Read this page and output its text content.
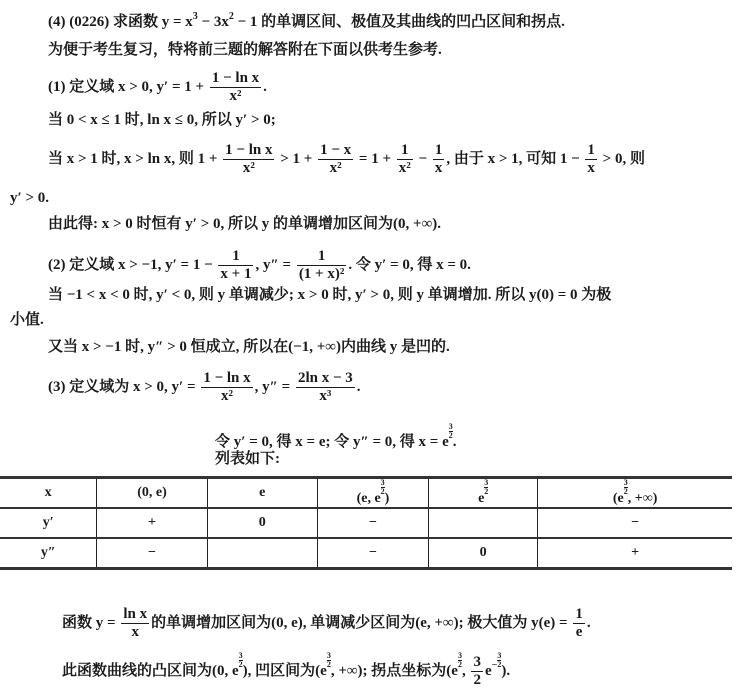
(4) (0226) 求函数 $y = x^3 - 3x^2 - 1$ 的单调区间、极值及其曲线的凹凸区间和拐点.
为便于考生复习，特将前三题的解答附在下面以供考生参考.
(1) 定义域 x > 0, $y' = 1 + \frac{\text{1 − ln x}}{\text{x²}}$ .
当 0 < x ≤ 1 时, ln x ≤ 0, 所以 y′ > 0;
当 x > 1 时, x > ln x, 则 $1 + \frac{\text{1 − ln x}}{\text{x²}} > 1 + \frac{1 - x}{\text{x²}} = 1 + \frac{1}{\text{x²}} - \frac{1}{x}$ , 由于 x > 1, 可知 $1 - \frac{1}{x} > 0$, 则
y′ > 0.
由此得: x > 0 时恒有 y′ > 0, 所以 y 的单调增加区间为(0, +∞).
(2) 定义域 x > −1, $y' = 1 - \frac{1}{x + 1}$ , $y'' = \frac{1}{\text{(1 + x)²}}$ . 令 y′ = 0, 得 x = 0.
当 −1 < x < 0 时, y′ < 0, 则 y 单调减少; x > 0 时, y′ > 0, 则 y 单调增加. 所以 y(0) = 0 为极
小值.
又当 x > −1 时, y″ > 0 恒成立, 所以在(−1, +∞)内曲线 y 是凹的.
(3) 定义域为 x > 0, $y' = \frac{\text{1 − ln x}}{\text{x²}}$ , $y'' = \frac{\text{2ln x − 3}}{\text{x³}}$ .
令 y′ = 0, 得 x = e; 令 y″ = 0, 得 x = e
$\frac{3}{2}$
.
列表如下:
函数 $y = \frac{\text{ln x}}{x}$ 的单调增加区间为(0, e), 单调减少区间为(e, +∞); 极大值为 $y(e) = \frac{1}{e}$ .
此函数曲线的凸区间为(0, e
$\frac{3}{2}$
), 凹区间为(e
$\frac{3}{2}$
, +∞); 拐点坐标为(e
$\frac{3}{2}$
, $\frac{3}{2} e^- \frac{3}{2}$
).
x	(0, e)	e	(e, e
$\frac{3}{2}$
)	e
$\frac{3}{2}$	(e
$\frac{3}{2}$
, +∞)
y′	+	0	−		−
y″	−		−	0	+
